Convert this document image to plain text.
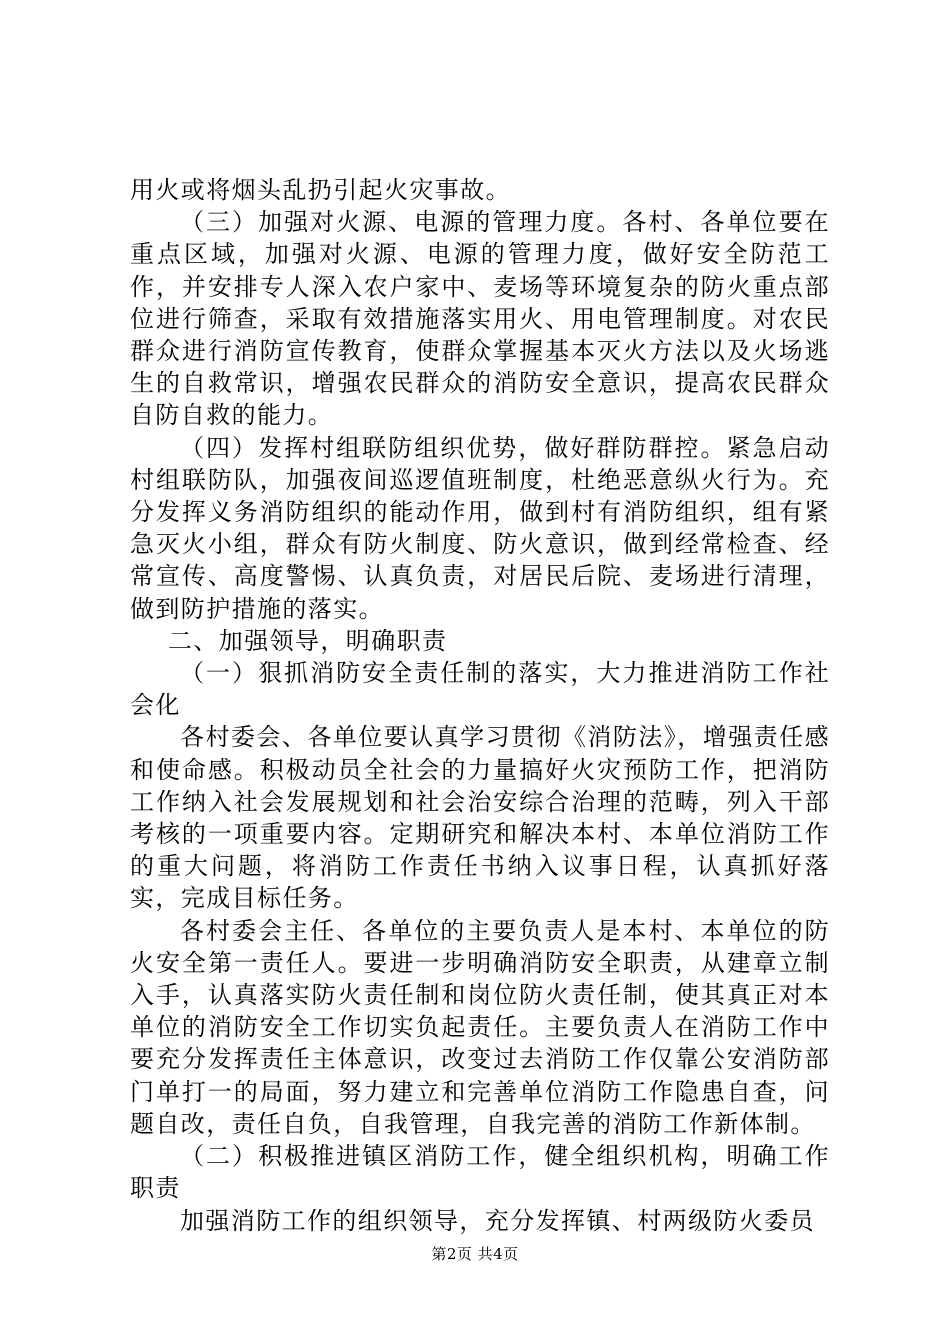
用火或将烟头乱扔引起火灾事故。

（三）加强对火源、电源的管理力度。各村、各单位要在重点区域，加强对火源、电源的管理力度，做好安全防范工作，并安排专人深入农户家中、麦场等环境复杂的防火重点部位进行筛查，采取有效措施落实用火、用电管理制度。对农民群众进行消防宣传教育，使群众掌握基本灭火方法以及火场逃生的自救常识，增强农民群众的消防安全意识，提高农民群众自防自救的能力。

（四）发挥村组联防组织优势，做好群防群控。紧急启动村组联防队，加强夜间巡逻值班制度，杜绝恶意纵火行为。充分发挥义务消防组织的能动作用，做到村有消防组织，组有紧急灭火小组，群众有防火制度、防火意识，做到经常检查、经常宣传、高度警惕、认真负责，对居民后院、麦场进行清理，做到防护措施的落实。

二、加强领导，明确职责

（一）狠抓消防安全责任制的落实，大力推进消防工作社会化

各村委会、各单位要认真学习贯彻《消防法》，增强责任感和使命感。积极动员全社会的力量搞好火灾预防工作，把消防工作纳入社会发展规划和社会治安综合治理的范畴，列入干部考核的一项重要内容。定期研究和解决本村、本单位消防工作的重大问题，将消防工作责任书纳入议事日程，认真抓好落实，完成目标任务。

各村委会主任、各单位的主要负责人是本村、本单位的防火安全第一责任人。要进一步明确消防安全职责，从建章立制入手，认真落实防火责任制和岗位防火责任制，使其真正对本单位的消防安全工作切实负起责任。主要负责人在消防工作中要充分发挥责任主体意识，改变过去消防工作仅靠公安消防部门单打一的局面，努力建立和完善单位消防工作隐患自查，问题自改，责任自负，自我管理，自我完善的消防工作新体制。

（二）积极推进镇区消防工作，健全组织机构，明确工作职责

加强消防工作的组织领导，充分发挥镇、村两级防火委员

第2页 共4页
